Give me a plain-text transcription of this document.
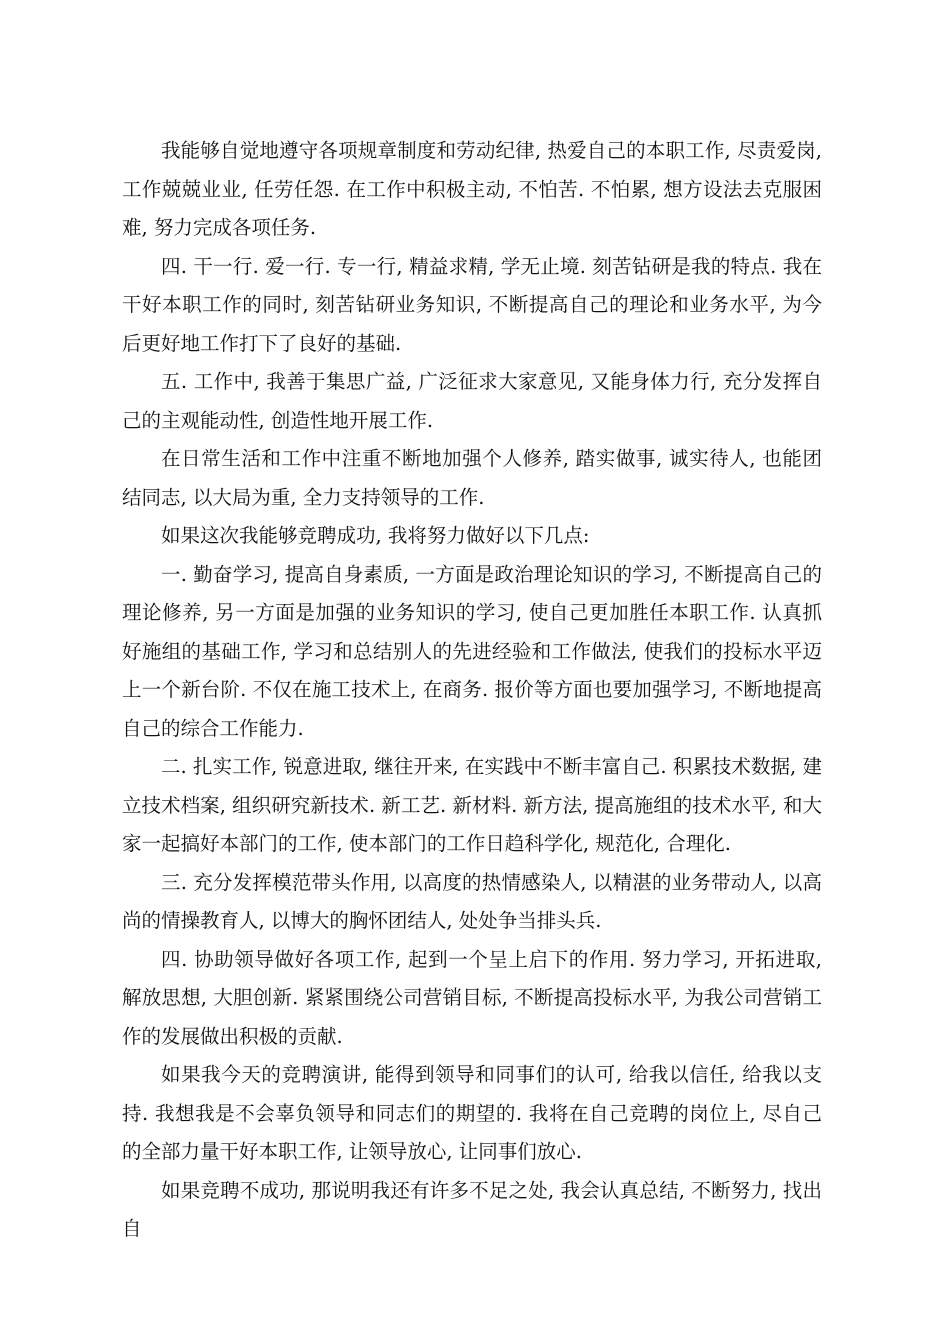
我能够自觉地遵守各项规章制度和劳动纪律, 热爱自己的本职工作, 尽责爱岗, 工作兢兢业业, 任劳任怨. 在工作中积极主动, 不怕苦. 不怕累, 想方设法去克服困难, 努力完成各项任务.

四. 干一行. 爱一行. 专一行, 精益求精, 学无止境. 刻苦钻研是我的特点. 我在干好本职工作的同时, 刻苦钻研业务知识, 不断提高自己的理论和业务水平, 为今后更好地工作打下了良好的基础.

五. 工作中, 我善于集思广益, 广泛征求大家意见, 又能身体力行, 充分发挥自己的主观能动性, 创造性地开展工作.

在日常生活和工作中注重不断地加强个人修养, 踏实做事, 诚实待人, 也能团结同志, 以大局为重, 全力支持领导的工作.

如果这次我能够竞聘成功, 我将努力做好以下几点:

一. 勤奋学习, 提高自身素质, 一方面是政治理论知识的学习, 不断提高自己的理论修养, 另一方面是加强的业务知识的学习, 使自己更加胜任本职工作. 认真抓好施组的基础工作, 学习和总结别人的先进经验和工作做法, 使我们的投标水平迈上一个新台阶. 不仅在施工技术上, 在商务. 报价等方面也要加强学习, 不断地提高自己的综合工作能力.

二. 扎实工作, 锐意进取, 继往开来, 在实践中不断丰富自己. 积累技术数据, 建立技术档案, 组织研究新技术. 新工艺. 新材料. 新方法, 提高施组的技术水平, 和大家一起搞好本部门的工作, 使本部门的工作日趋科学化, 规范化, 合理化.

三. 充分发挥模范带头作用, 以高度的热情感染人, 以精湛的业务带动人, 以高尚的情操教育人, 以博大的胸怀团结人, 处处争当排头兵.

四. 协助领导做好各项工作, 起到一个呈上启下的作用. 努力学习, 开拓进取, 解放思想, 大胆创新. 紧紧围绕公司营销目标, 不断提高投标水平, 为我公司营销工作的发展做出积极的贡献.

如果我今天的竞聘演讲, 能得到领导和同事们的认可, 给我以信任, 给我以支持. 我想我是不会辜负领导和同志们的期望的. 我将在自己竞聘的岗位上, 尽自己的全部力量干好本职工作, 让领导放心, 让同事们放心.

如果竞聘不成功, 那说明我还有许多不足之处, 我会认真总结, 不断努力, 找出自
